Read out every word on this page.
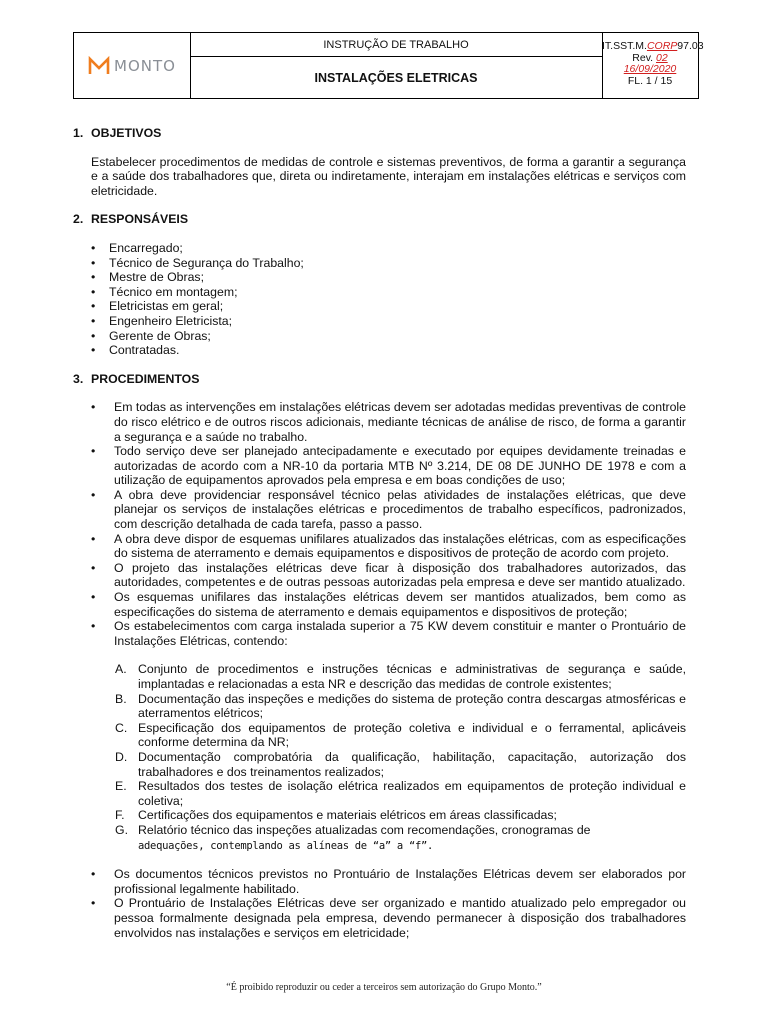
MONTO
INSTRUÇÃO DE TRABALHO
INSTALAÇÕES ELETRICAS
IT.SST.M.CORP97.03
Rev. 02
16/09/2020
FL. 1 / 15
1. OBJETIVOS

Estabelecer procedimentos de medidas de controle e sistemas preventivos, de forma a garantir a segurança e a saúde dos trabalhadores que, direta ou indiretamente, interajam em instalações elétricas e serviços com eletricidade.

2. RESPONSÁVEIS
• Encarregado;
• Técnico de Segurança do Trabalho;
• Mestre de Obras;
• Técnico em montagem;
• Eletricistas em geral;
• Engenheiro Eletricista;
• Gerente de Obras;
• Contratadas.
3. PROCEDIMENTOS
• Em todas as intervenções em instalações elétricas devem ser adotadas medidas preventivas de controle do risco elétrico e de outros riscos adicionais, mediante técnicas de análise de risco, de forma a garantir a segurança e a saúde no trabalho.
• Todo serviço deve ser planejado antecipadamente e executado por equipes devidamente treinadas e autorizadas de acordo com a NR-10 da portaria MTB Nº 3.214, DE 08 DE JUNHO DE 1978 e com a utilização de equipamentos aprovados pela empresa e em boas condições de uso;
• A obra deve providenciar responsável técnico pelas atividades de instalações elétricas, que deve planejar os serviços de instalações elétricas e procedimentos de trabalho específicos, padronizados, com descrição detalhada de cada tarefa, passo a passo.
• A obra deve dispor de esquemas unifilares atualizados das instalações elétricas, com as especificações do sistema de aterramento e demais equipamentos e dispositivos de proteção de acordo com projeto.
• O projeto das instalações elétricas deve ficar à disposição dos trabalhadores autorizados, das autoridades, competentes e de outras pessoas autorizadas pela empresa e deve ser mantido atualizado.
• Os esquemas unifilares das instalações elétricas devem ser mantidos atualizados, bem como as especificações do sistema de aterramento e demais equipamentos e dispositivos de proteção;
• Os estabelecimentos com carga instalada superior a 75 KW devem constituir e manter o Prontuário de Instalações Elétricas, contendo:
A. Conjunto de procedimentos e instruções técnicas e administrativas de segurança e saúde, implantadas e relacionadas a esta NR e descrição das medidas de controle existentes;
B. Documentação das inspeções e medições do sistema de proteção contra descargas atmosféricas e aterramentos elétricos;
C. Especificação dos equipamentos de proteção coletiva e individual e o ferramental, aplicáveis conforme determina da NR;
D. Documentação comprobatória da qualificação, habilitação, capacitação, autorização dos trabalhadores e dos treinamentos realizados;
E. Resultados dos testes de isolação elétrica realizados em equipamentos de proteção individual e coletiva;
F. Certificações dos equipamentos e materiais elétricos em áreas classificadas;
G. Relatório técnico das inspeções atualizadas com recomendações, cronogramas de
adequações, contemplando as alíneas de “a” a “f”.
• Os documentos técnicos previstos no Prontuário de Instalações Elétricas devem ser elaborados por profissional legalmente habilitado.
• O Prontuário de Instalações Elétricas deve ser organizado e mantido atualizado pelo empregador ou pessoa formalmente designada pela empresa, devendo permanecer à disposição dos trabalhadores envolvidos nas instalações e serviços em eletricidade;
“É proibido reproduzir ou ceder a terceiros sem autorização do Grupo Monto.”
